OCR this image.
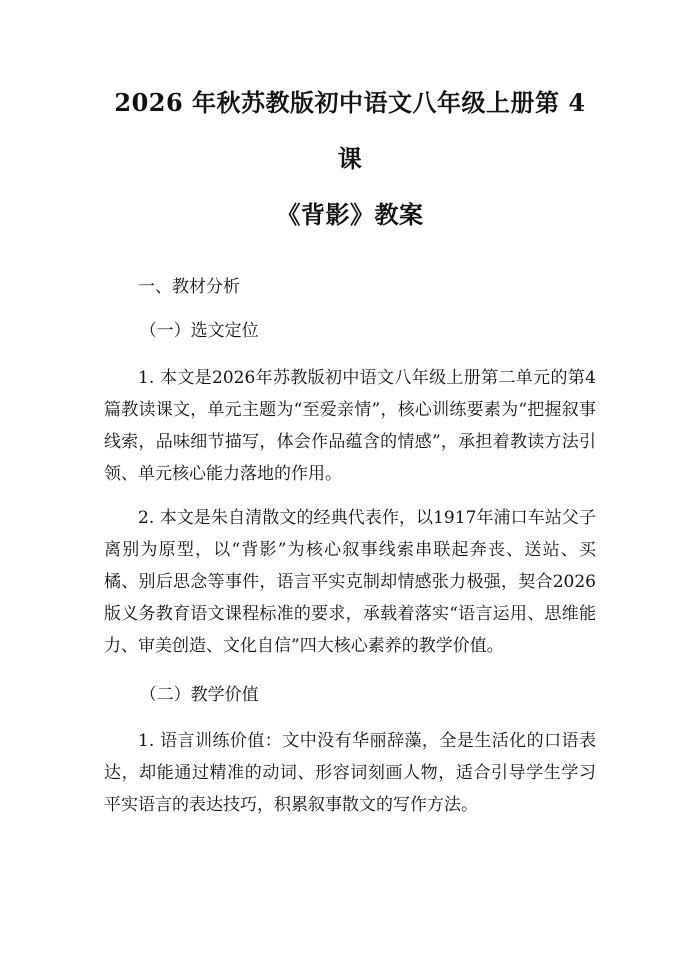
2026 年秋苏教版初中语文八年级上册第 4 课
《背影》教案

一、教材分析

（一）选文定位

1. 本文是2026年苏教版初中语文八年级上册第二单元的第4篇教读课文，单元主题为“至爱亲情”，核心训练要素为“把握叙事线索，品味细节描写，体会作品蕴含的情感”，承担着教读方法引领、单元核心能力落地的作用。

2. 本文是朱自清散文的经典代表作，以1917年浦口车站父子离别为原型，以“背影”为核心叙事线索串联起奔丧、送站、买橘、别后思念等事件，语言平实克制却情感张力极强，契合2026版义务教育语文课程标准的要求，承载着落实“语言运用、思维能力、审美创造、文化自信”四大核心素养的教学价值。

（二）教学价值

1. 语言训练价值：文中没有华丽辞藻，全是生活化的口语表达，却能通过精准的动词、形容词刻画人物，适合引导学生学习平实语言的表达技巧，积累叙事散文的写作方法。
